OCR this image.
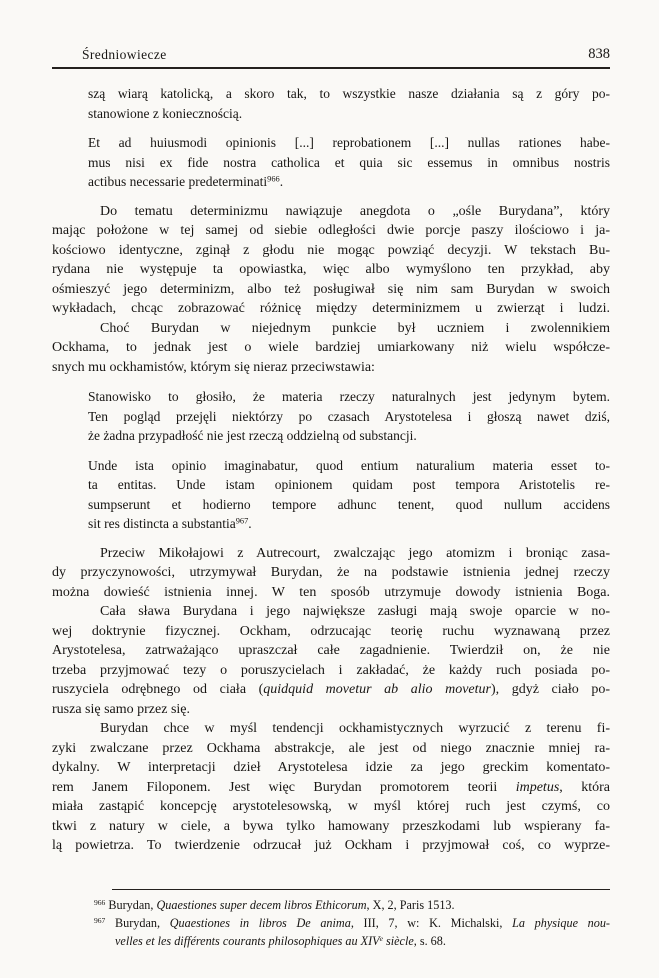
Średniowiecze	838
szą wiarą katolicką, a skoro tak, to wszystkie nasze działania są z góry po-
stanowione z koniecznością.
Et ad huiusmodi opinionis [...] reprobationem [...] nullas rationes habe-
mus nisi ex fide nostra catholica et quia sic essemus in omnibus nostris
actibus necessarie predeterminati$^{966}$.
Do tematu determinizmu nawiązuje anegdota o „ośle Burydana”, który
mając położone w tej samej od siebie odległości dwie porcje paszy ilościowo i ja-
kościowo identyczne, zginął z głodu nie mogąc powziąć decyzji. W tekstach Bu-
rydana nie występuje ta opowiastka, więc albo wymyślono ten przykład, aby
ośmieszyć jego determinizm, albo też posługiwał się nim sam Burydan w swoich
wykładach, chcąc zobrazować różnicę między determinizmem u zwierząt i ludzi.
Choć Burydan w niejednym punkcie był uczniem i zwolennikiem
Ockhama, to jednak jest o wiele bardziej umiarkowany niż wielu współcze-
snych mu ockhamistów, którym się nieraz przeciwstawia:
Stanowisko to głosiło, że materia rzeczy naturalnych jest jedynym bytem.
Ten pogląd przejęli niektórzy po czasach Arystotelesa i głoszą nawet dziś,
że żadna przypadłość nie jest rzeczą oddzielną od substancji.
Unde ista opinio imaginabatur, quod entium naturalium materia esset to-
ta entitas. Unde istam opinionem quidam post tempora Aristotelis re-
sumpserunt et hodierno tempore adhunc tenent, quod nullum accidens
sit res distincta a substantia$^{967}$.
Przeciw Mikołajowi z Autrecourt, zwalczając jego atomizm i broniąc zasa-
dy przyczynowości, utrzymywał Burydan, że na podstawie istnienia jednej rzeczy
można dowieść istnienia innej. W ten sposób utrzymuje dowody istnienia Boga.
Cała sława Burydana i jego największe zasługi mają swoje oparcie w no-
wej doktrynie fizycznej. Ockham, odrzucając teorię ruchu wyznawaną przez
Arystotelesa, zatrważająco upraszczał całe zagadnienie. Twierdził on, że nie
trzeba przyjmować tezy o poruszycielach i zakładać, że każdy ruch posiada po-
ruszyciela odrębnego od ciała (quidquid movetur ab alio movetur), gdyż ciało po-
rusza się samo przez się.
Burydan chce w myśl tendencji ockhamistycznych wyrzucić z terenu fi-
zyki zwalczane przez Ockhama abstrakcje, ale jest od niego znacznie mniej ra-
dykalny. W interpretacji dzieł Arystotelesa idzie za jego greckim komentato-
rem Janem Filoponem. Jest więc Burydan promotorem teorii impetus, która
miała zastąpić koncepcję arystotelesowską, w myśl której ruch jest czymś, co
tkwi z natury w ciele, a bywa tylko hamowany przeszkodami lub wspierany fa-
lą powietrza. To twierdzenie odrzucał już Ockham i przyjmował coś, co wyprze-
$^{966}$ Burydan, Quaestiones super decem libros Ethicorum, X, 2, Paris 1513.
$^{967}$ Burydan, Quaestiones in libros De anima, III, 7, w: K. Michalski, La physique nou-
velles et les différents courants philosophiques au XIVe siècle, s. 68.
